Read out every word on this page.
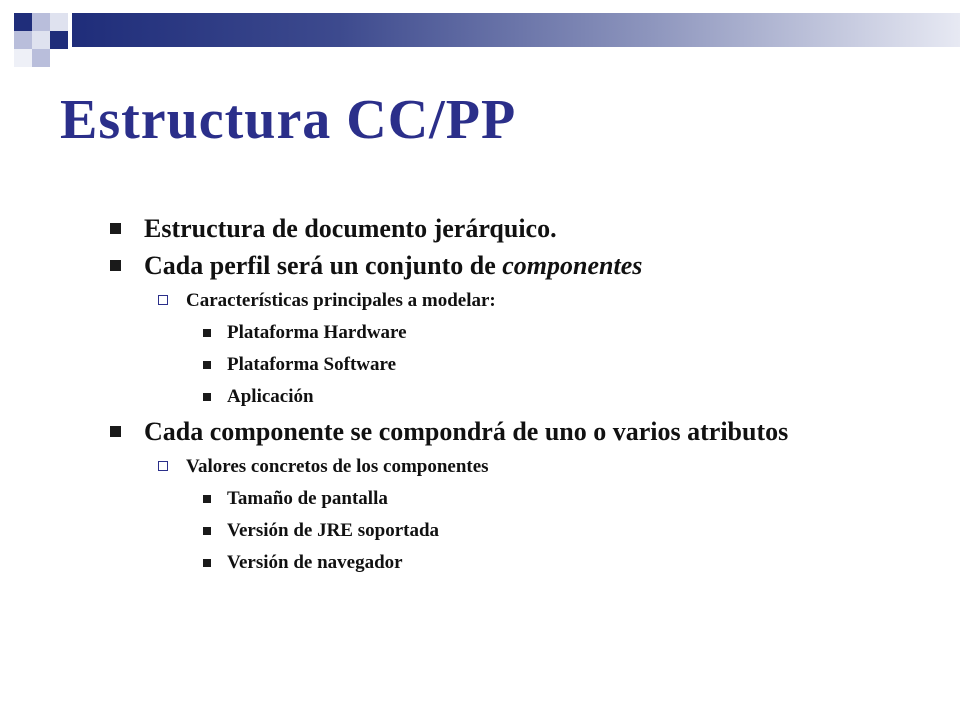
Estructura CC/PP
Estructura de documento jerárquico.
Cada perfil será un conjunto de componentes
Características principales a modelar:
Plataforma Hardware
Plataforma Software
Aplicación
Cada componente se compondrá de uno o varios atributos
Valores concretos de los componentes
Tamaño de pantalla
Versión de JRE soportada
Versión de navegador
